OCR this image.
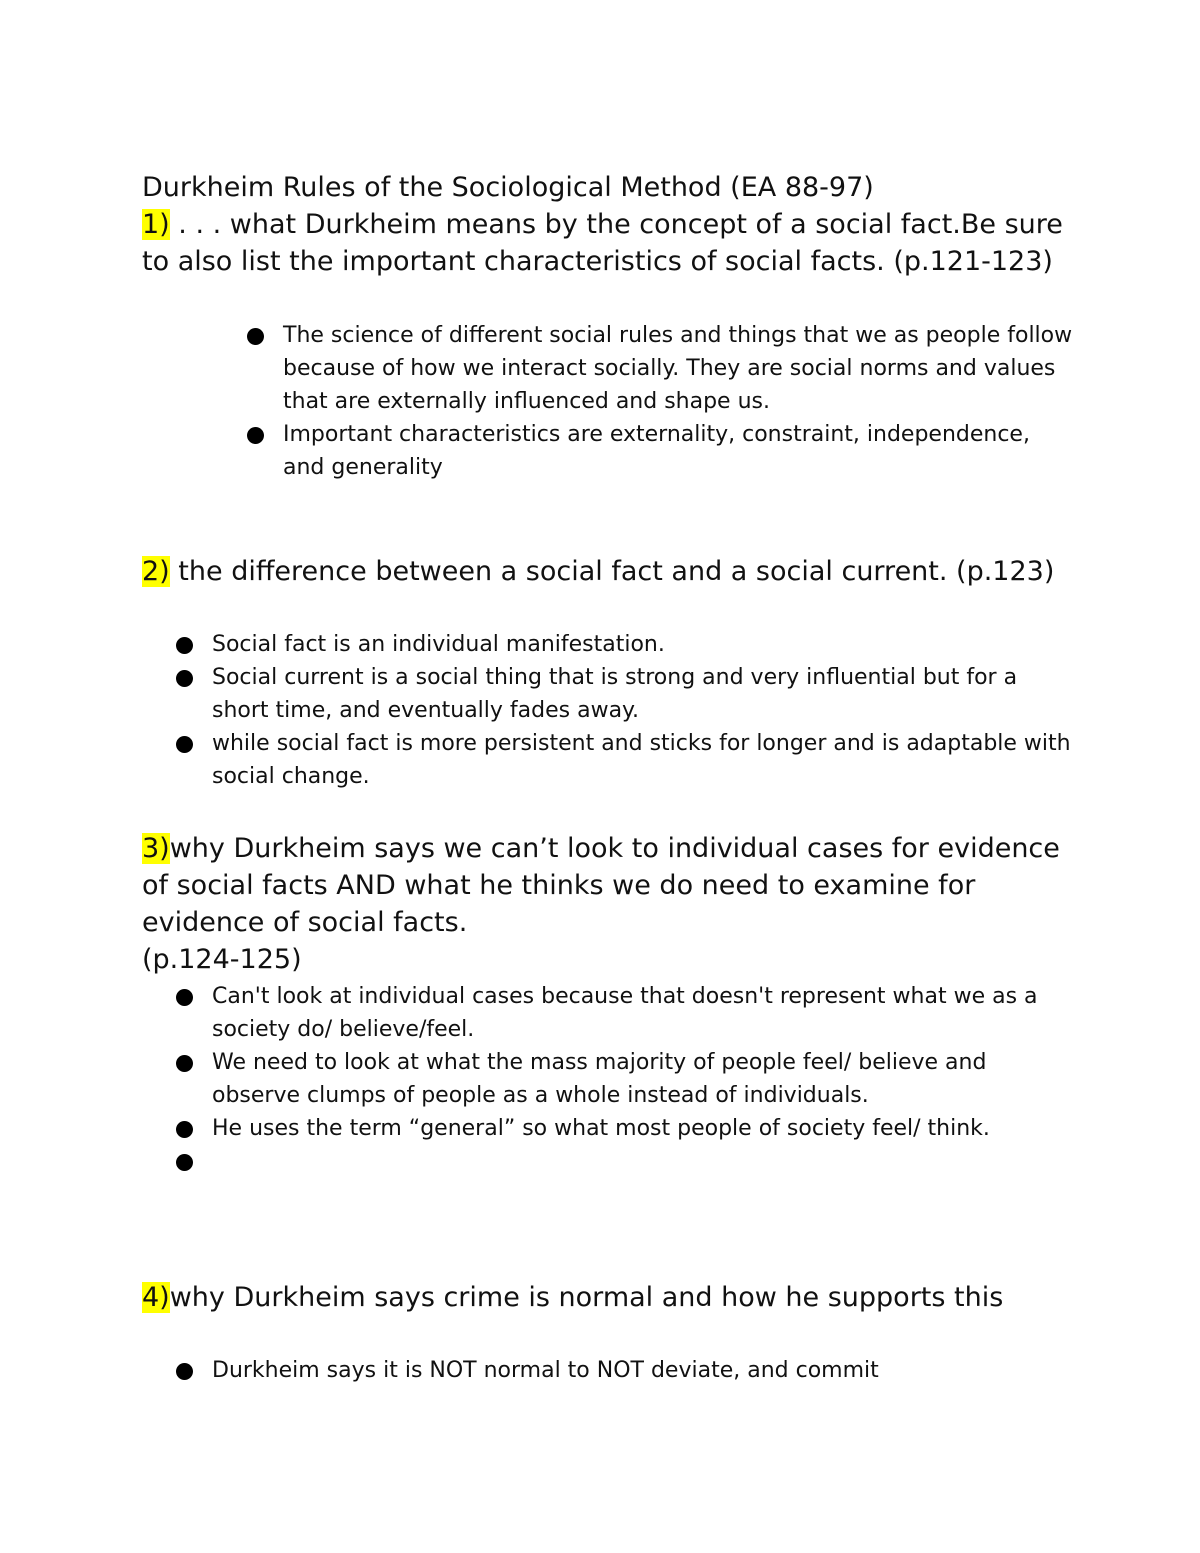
Durkheim Rules of the Sociological Method (EA 88-97)
1) . . . what Durkheim means by the concept of a social fact.Be sure to also list the important characteristics of social facts. (p.121-123)
The science of different social rules and things that we as people follow because of how we interact socially. They are social norms and values that are externally influenced and shape us.
Important characteristics are externality, constraint, independence, and generality
2) the difference between a social fact and a social current. (p.123)
Social fact is an individual manifestation.
Social current is a social thing that is strong and very influential but for a short time, and eventually fades away.
while social fact is more persistent and sticks for longer and is adaptable with social change.
3)why Durkheim says we can’t look to individual cases for evidence of social facts AND what he thinks we do need to examine for evidence of social facts.
(p.124-125)
Can't look at individual cases because that doesn't represent what we as a society do/ believe/feel.
We need to look at what the mass majority of people feel/ believe and observe clumps of people as a whole instead of individuals.
He uses the term “general” so what most people of society feel/ think.
4)why Durkheim says crime is normal and how he supports this
Durkheim says it is NOT normal to NOT deviate, and commit
